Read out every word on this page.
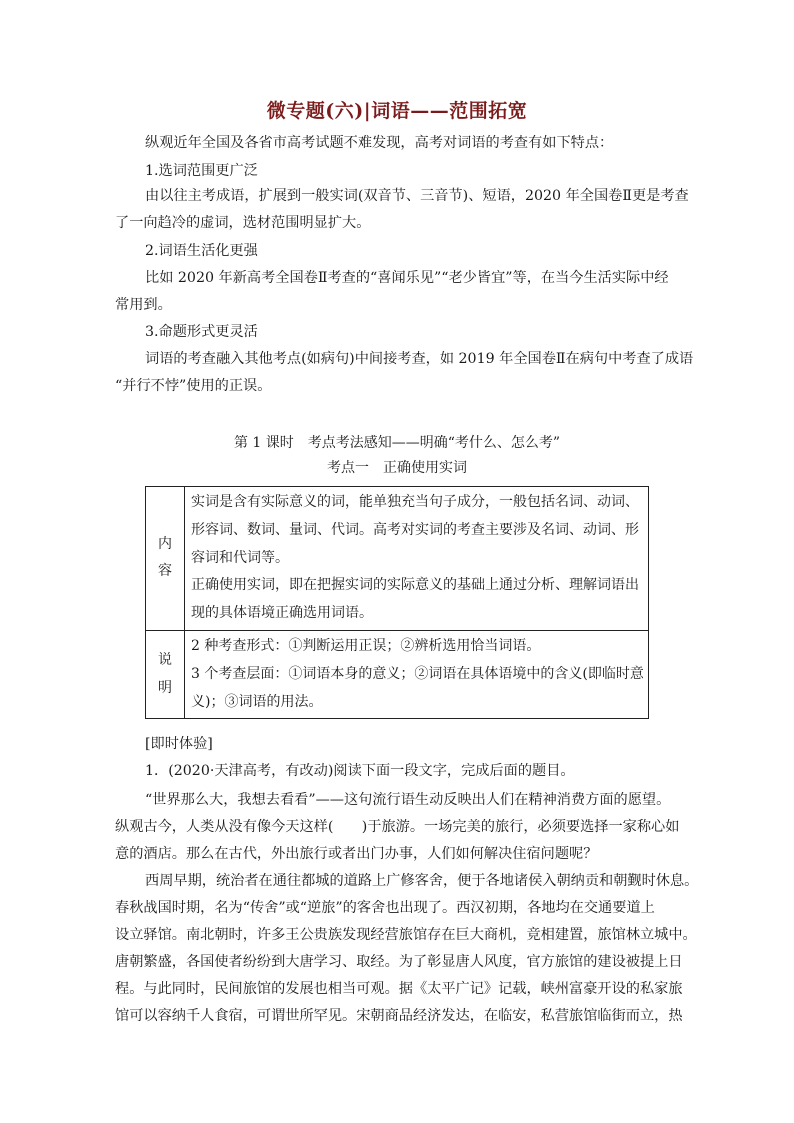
微专题(六)|词语——范围拓宽
纵观近年全国及各省市高考试题不难发现，高考对词语的考查有如下特点：
1.选词范围更广泛
由以往主考成语，扩展到一般实词(双音节、三音节)、短语，2020 年全国卷Ⅱ更是考查
了一向趋冷的虚词，选材范围明显扩大。
2.词语生活化更强
比如 2020 年新高考全国卷Ⅱ考查的“喜闻乐见”“老少皆宜”等，在当今生活实际中经
常用到。
3.命题形式更灵活
词语的考查融入其他考点(如病句)中间接考查，如 2019 年全国卷Ⅱ在病句中考查了成语
“并行不悖”使用的正误。
第 1 课时　考点考法感知——明确“考什么、怎么考”
考点一　正确使用实词
内容	实词是含有实际意义的词，能单独充当句子成分，一般包括名词、动词、
形容词、数词、量词、代词。高考对实词的考查主要涉及名词、动词、形
容词和代词等。
正确使用实词，即在把握实词的实际意义的基础上通过分析、理解词语出
现的具体语境正确选用词语。

说明	2 种考查形式：①判断运用正误；②辨析选用恰当词语。
3 个考查层面：①词语本身的意义；②词语在具体语境中的含义(即临时意
义)；③词语的用法。
[即时体验]
1．(2020·天津高考，有改动)阅读下面一段文字，完成后面的题目。
“世界那么大，我想去看看”——这句流行语生动反映出人们在精神消费方面的愿望。
纵观古今，人类从没有像今天这样(　　)于旅游。一场完美的旅行，必须要选择一家称心如
意的酒店。那么在古代，外出旅行或者出门办事，人们如何解决住宿问题呢？
西周早期，统治者在通往都城的道路上广修客舍，便于各地诸侯入朝纳贡和朝觐时休息。
春秋战国时期，名为“传舍”或“逆旅”的客舍也出现了。西汉初期，各地均在交通要道上
设立驿馆。南北朝时，许多王公贵族发现经营旅馆存在巨大商机，竞相建置，旅馆林立城中。
唐朝繁盛，各国使者纷纷到大唐学习、取经。为了彰显唐人风度，官方旅馆的建设被提上日
程。与此同时，民间旅馆的发展也相当可观。据《太平广记》记载，峡州富豪开设的私家旅
馆可以容纳千人食宿，可谓世所罕见。宋朝商品经济发达，在临安，私营旅馆临街而立，热
